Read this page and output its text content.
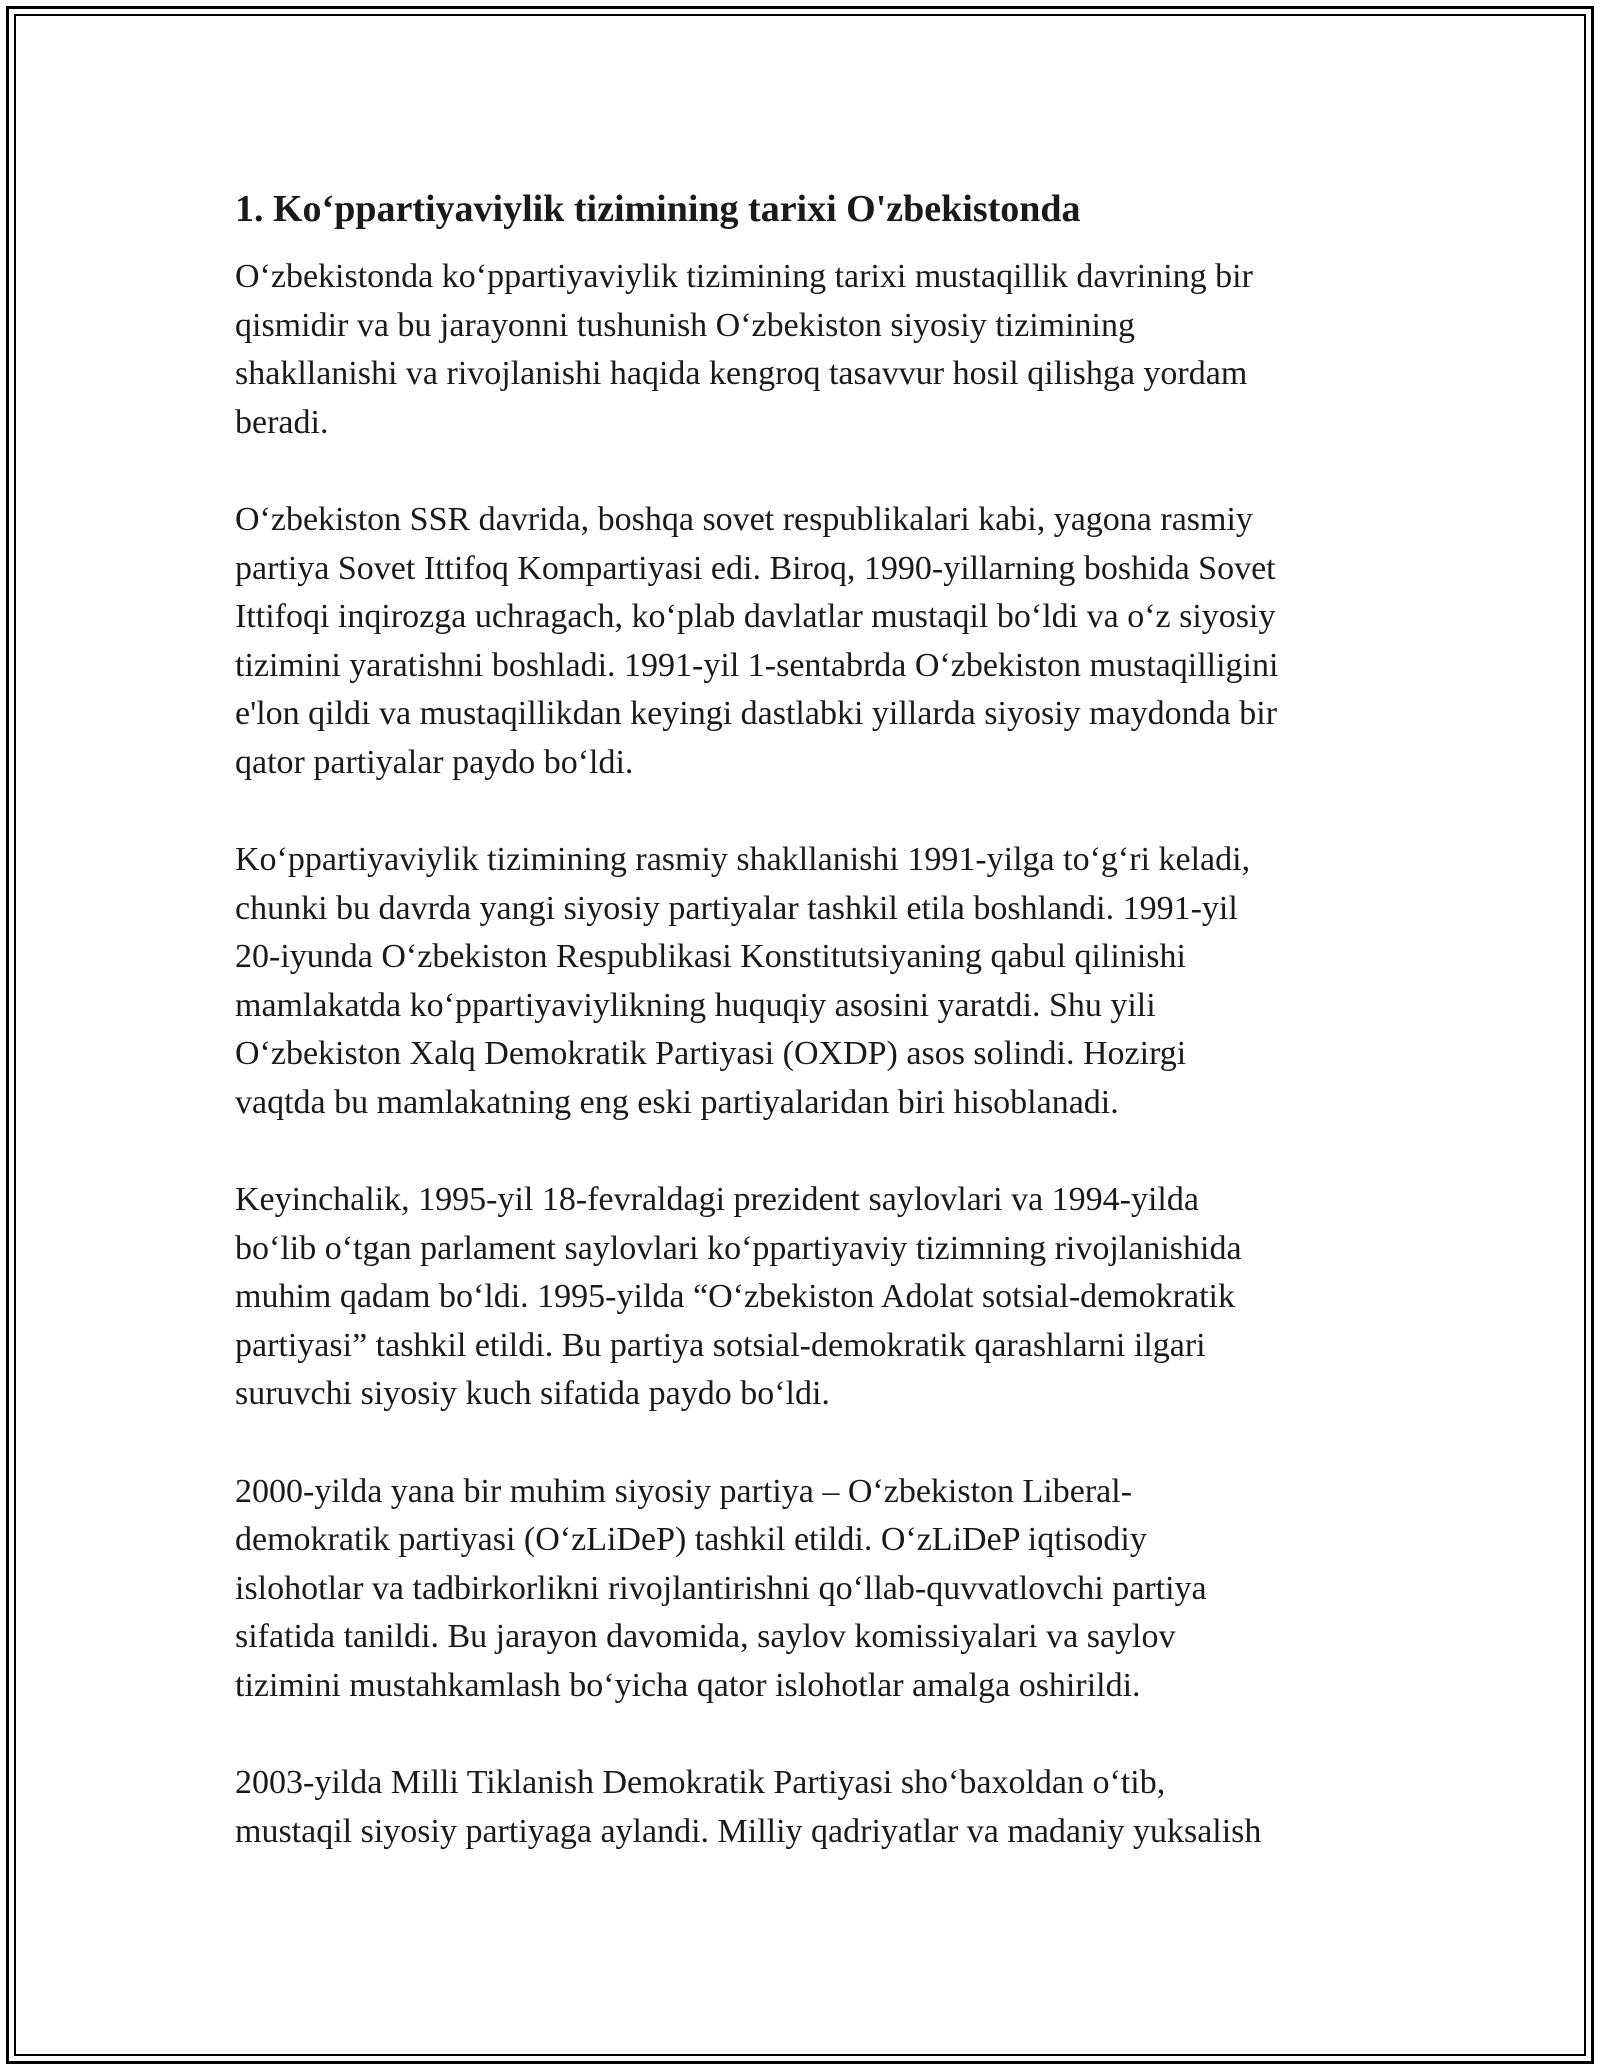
1. Ko‘ppartiyaviylik tizimining tarixi O'zbekistonda
O‘zbekistonda ko‘ppartiyaviylik tizimining tarixi mustaqillik davrining bir
qismidir va bu jarayonni tushunish O‘zbekiston siyosiy tizimining
shakllanishi va rivojlanishi haqida kengroq tasavvur hosil qilishga yordam
beradi.
O‘zbekiston SSR davrida, boshqa sovet respublikalari kabi, yagona rasmiy
partiya Sovet Ittifoq Kompartiyasi edi. Biroq, 1990-yillarning boshida Sovet
Ittifoqi inqirozga uchragach, ko‘plab davlatlar mustaqil bo‘ldi va o‘z siyosiy
tizimini yaratishni boshladi. 1991-yil 1-sentabrda O‘zbekiston mustaqilligini
e'lon qildi va mustaqillikdan keyingi dastlabki yillarda siyosiy maydonda bir
qator partiyalar paydo bo‘ldi.
Ko‘ppartiyaviylik tizimining rasmiy shakllanishi 1991-yilga to‘g‘ri keladi,
chunki bu davrda yangi siyosiy partiyalar tashkil etila boshlandi. 1991-yil
20-iyunda O‘zbekiston Respublikasi Konstitutsiyaning qabul qilinishi
mamlakatda ko‘ppartiyaviylikning huquqiy asosini yaratdi. Shu yili
O‘zbekiston Xalq Demokratik Partiyasi (OXDP) asos solindi. Hozirgi
vaqtda bu mamlakatning eng eski partiyalaridan biri hisoblanadi.
Keyinchalik, 1995-yil 18-fevraldagi prezident saylovlari va 1994-yilda
bo‘lib o‘tgan parlament saylovlari ko‘ppartiyaviy tizimning rivojlanishida
muhim qadam bo‘ldi. 1995-yilda “O‘zbekiston Adolat sotsial-demokratik
partiyasi” tashkil etildi. Bu partiya sotsial-demokratik qarashlarni ilgari
suruvchi siyosiy kuch sifatida paydo bo‘ldi.
2000-yilda yana bir muhim siyosiy partiya – O‘zbekiston Liberal-
demokratik partiyasi (O‘zLiDeP) tashkil etildi. O‘zLiDeP iqtisodiy
islohotlar va tadbirkorlikni rivojlantirishni qo‘llab-quvvatlovchi partiya
sifatida tanildi. Bu jarayon davomida, saylov komissiyalari va saylov
tizimini mustahkamlash bo‘yicha qator islohotlar amalga oshirildi.
2003-yilda Milli Tiklanish Demokratik Partiyasi sho‘baxoldan o‘tib,
mustaqil siyosiy partiyaga aylandi. Milliy qadriyatlar va madaniy yuksalish
